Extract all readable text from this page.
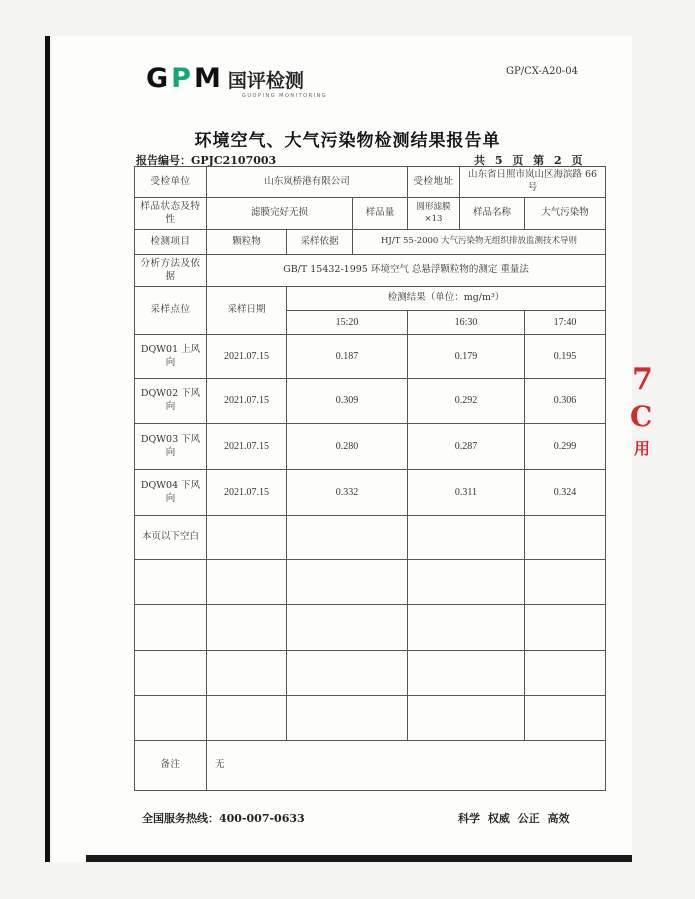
GPM 国评检测
GUOPING MONITORING
GP/CX-A20-04
环境空气、大气污染物检测结果报告单
报告编号：GPJC2107003	共 5 页 第 2 页
受检单位	山东岚桥港有限公司			受检地址	山东省日照市岚山区海滨路 66 号	
样品状态及特性	滤膜完好无损		样品量	圆形滤膜×13	样品名称	大气污染物
检测项目	颗粒物	采样依据	HJ/T 55-2000 大气污染物无组织排放监测技术导则			
分析方法及依据	GB/T 15432-1995 环境空气 总悬浮颗粒物的测定 重量法					
采样点位	采样日期	检测结果（单位：mg/m³）				
		15:20		16:30		17:40
DQW01 上风向	2021.07.15	0.187		0.179		0.195
DQW02 下风向	2021.07.15	0.309		0.292		0.306
DQW03 下风向	2021.07.15	0.280		0.287		0.299
DQW04 下风向	2021.07.15	0.332		0.311		0.324
本页以下空白						

备注	无					
全国服务热线：400-007-0633	科学 权威 公正 高效
7
C
用
